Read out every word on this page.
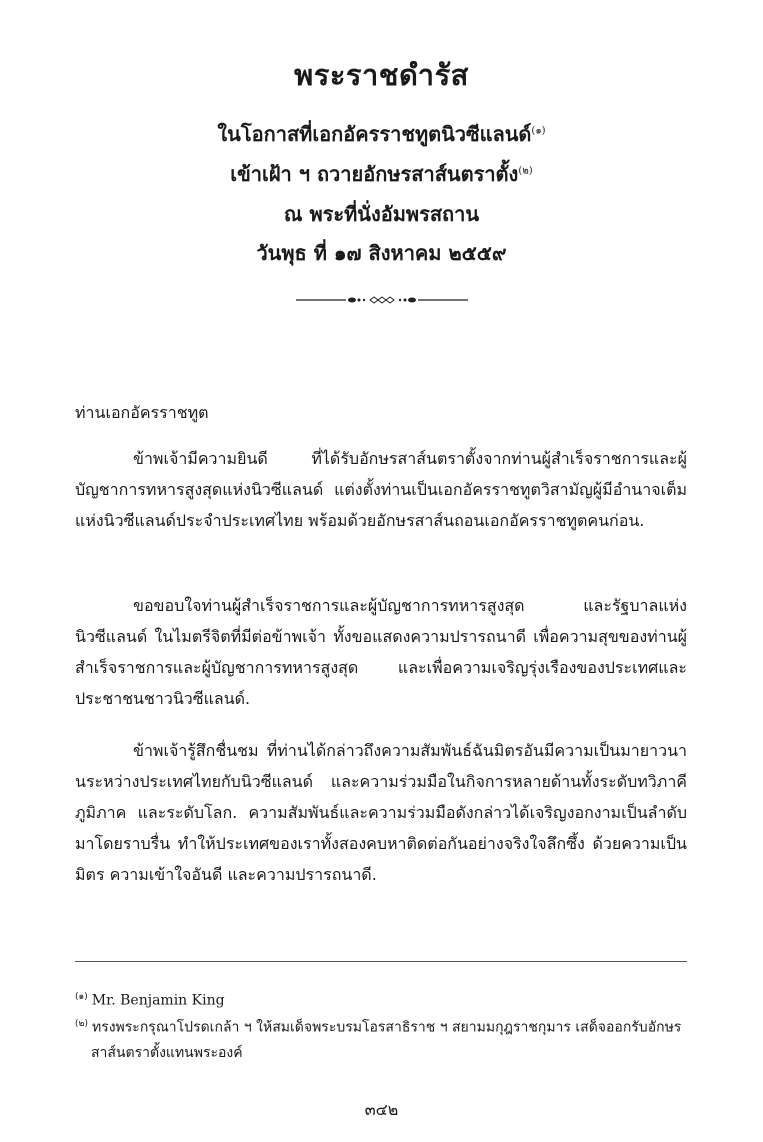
พระราชดำรัส
ในโอกาสที่เอกอัครราชทูตนิวซีแลนด์$^{(๑)}$
เข้าเฝ้า ฯ ถวายอักษรสาส์นตราตั้ง$^{(๒)}$
ณ พระที่นั่งอัมพรสถาน
วันพุธ ที่ ๑๗ สิงหาคม ๒๕๕๙
ท่านเอกอัครราชทูต

ข้าพเจ้ามีความยินดี ที่ได้รับอักษรสาส์นตราตั้งจากท่านผู้สำเร็จราชการและผู้บัญชาการทหารสูงสุดแห่งนิวซีแลนด์ แต่งตั้งท่านเป็นเอกอัครราชทูตวิสามัญผู้มีอำนาจเต็มแห่งนิวซีแลนด์ประจำประเทศไทย พร้อมด้วยอักษรสาส์นถอนเอกอัครราชทูตคนก่อน.

ขอขอบใจท่านผู้สำเร็จราชการและผู้บัญชาการทหารสูงสุด และรัฐบาลแห่งนิวซีแลนด์ ในไมตรีจิตที่มีต่อข้าพเจ้า ทั้งขอแสดงความปรารถนาดี เพื่อความสุขของท่านผู้สำเร็จราชการและผู้บัญชาการทหารสูงสุด และเพื่อความเจริญรุ่งเรืองของประเทศและประชาชนชาวนิวซีแลนด์.

ข้าพเจ้ารู้สึกชื่นชม ที่ท่านได้กล่าวถึงความสัมพันธ์ฉันมิตรอันมีความเป็นมายาวนานระหว่างประเทศไทยกับนิวซีแลนด์ และความร่วมมือในกิจการหลายด้านทั้งระดับทวิภาคี ภูมิภาค และระดับโลก. ความสัมพันธ์และความร่วมมือดังกล่าวได้เจริญงอกงามเป็นลำดับมาโดยราบรื่น ทำให้ประเทศของเราทั้งสองคบหาติดต่อกันอย่างจริงใจลึกซึ้ง ด้วยความเป็นมิตร ความเข้าใจอันดี และความปรารถนาดี.

$^{(๑)}$ Mr. Benjamin King
$^{(๒)}$ ทรงพระกรุณาโปรดเกล้า ฯ ให้สมเด็จพระบรมโอรสาธิราช ฯ สยามมกุฎราชกุมาร เสด็จออกรับอักษรสาส์นตราตั้งแทนพระองค์
๓๔๒
